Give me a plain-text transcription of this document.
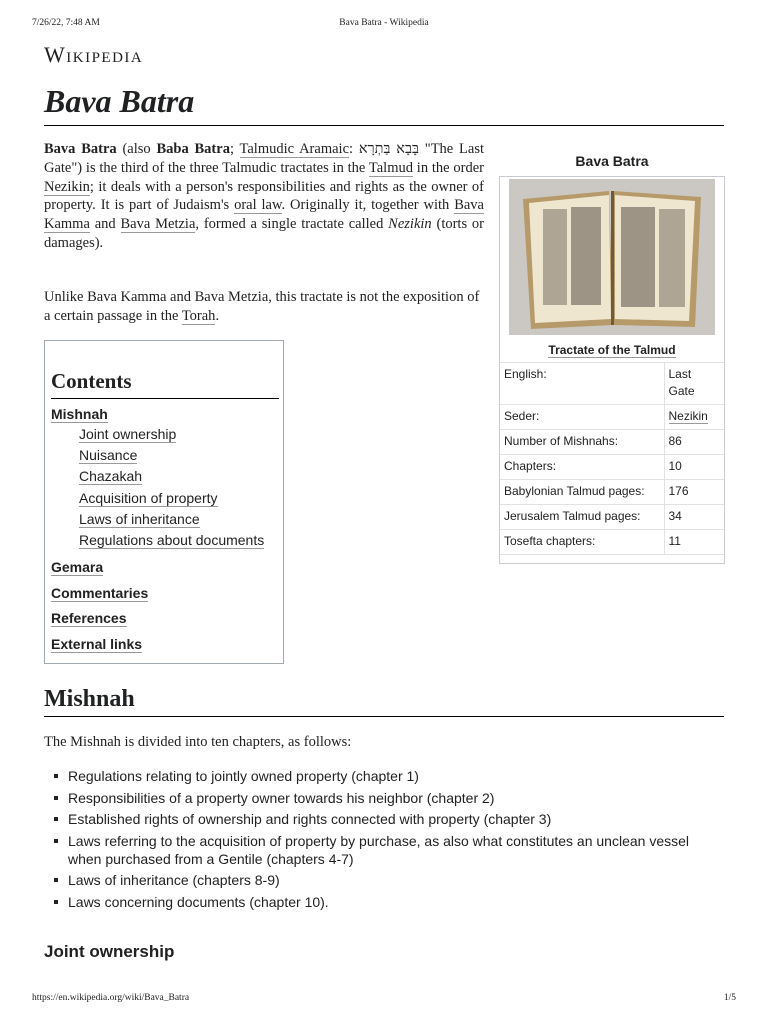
7/26/22, 7:48 AM	Bava Batra - Wikipedia
Wikipedia
Bava Batra

Bava Batra (also Baba Batra; Talmudic Aramaic: בָּבָא בַּתְרָא "The Last Gate") is the third of the three Talmudic tractates in the Talmud in the order Nezikin; it deals with a person's responsibilities and rights as the owner of property. It is part of Judaism's oral law. Originally it, together with Bava Kamma and Bava Metzia, formed a single tractate called Nezikin (torts or damages).

Unlike Bava Kamma and Bava Metzia, this tractate is not the exposition of a certain passage in the Torah.

Bava Batra
Tractate of the Talmud
English:	Last Gate
Seder:	Nezikin
Number of Mishnahs:	86
Chapters:	10
Babylonian Talmud pages:	176
Jerusalem Talmud pages:	34
Tosefta chapters:	11
Contents
Mishnah
Joint ownership
Nuisance
Chazakah
Acquisition of property
Laws of inheritance
Regulations about documents
Gemara
Commentaries
References
External links
Mishnah

The Mishnah is divided into ten chapters, as follows:

Regulations relating to jointly owned property (chapter 1)
Responsibilities of a property owner towards his neighbor (chapter 2)
Established rights of ownership and rights connected with property (chapter 3)
Laws referring to the acquisition of property by purchase, as also what constitutes an unclean vessel when purchased from a Gentile (chapters 4-7)
Laws of inheritance (chapters 8-9)
Laws concerning documents (chapter 10).
Joint ownership
https://en.wikipedia.org/wiki/Bava_Batra	1/5
